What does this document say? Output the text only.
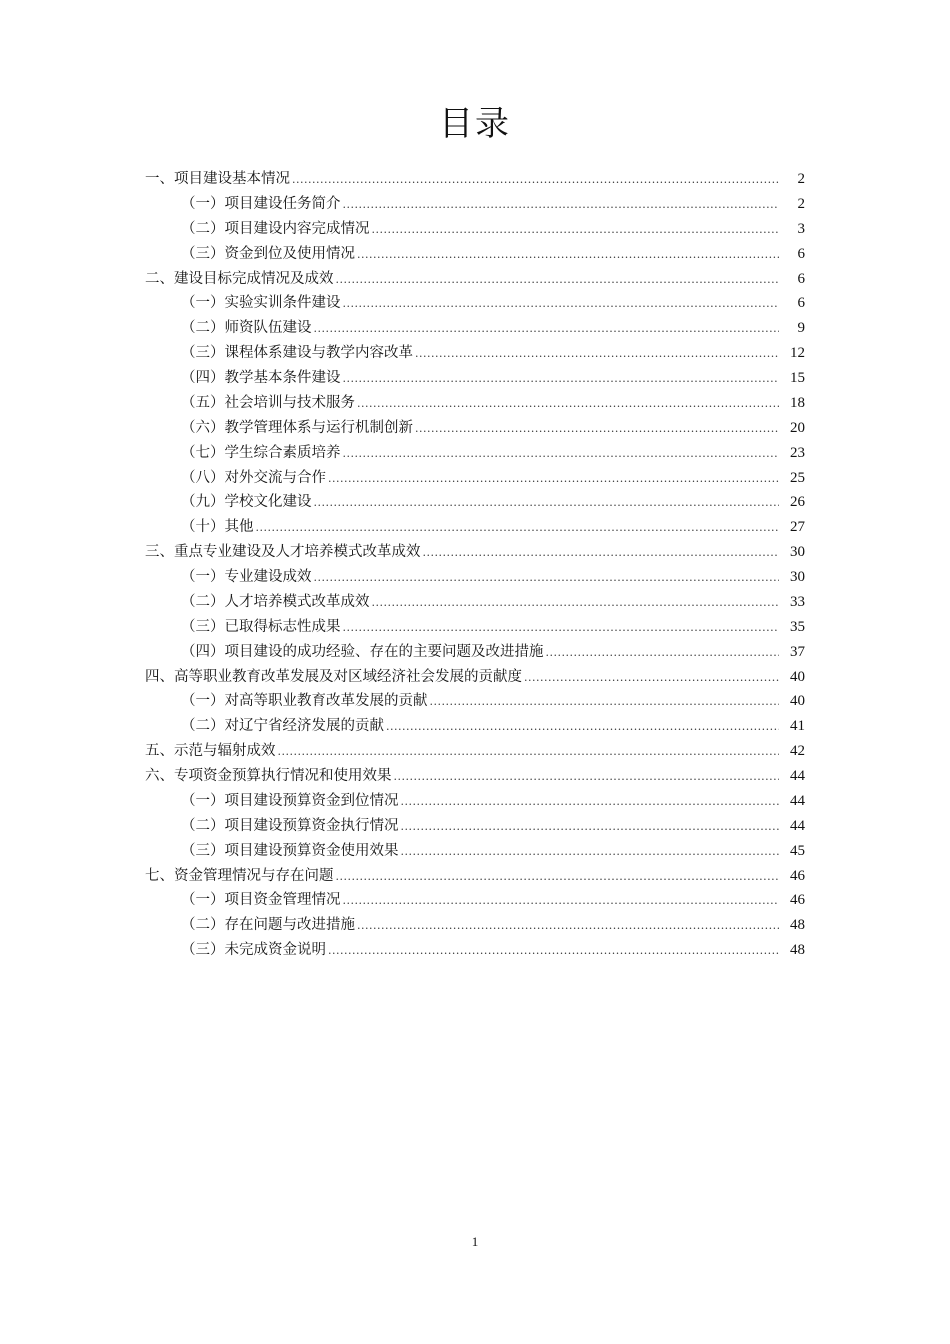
目录
一、项目建设基本情况 .....	2
（一）项目建设任务简介 .....	2
（二）项目建设内容完成情况 .....	3
（三）资金到位及使用情况 .....	6
二、建设目标完成情况及成效 .....	6
（一）实验实训条件建设 .....	6
（二）师资队伍建设 .....	9
（三）课程体系建设与教学内容改革 .....	12
（四）教学基本条件建设 .....	15
（五）社会培训与技术服务 .....	18
（六）教学管理体系与运行机制创新 .....	20
（七）学生综合素质培养 .....	23
（八）对外交流与合作 .....	25
（九）学校文化建设 .....	26
（十）其他 .....	27
三、重点专业建设及人才培养模式改革成效 .....	30
（一）专业建设成效 .....	30
（二）人才培养模式改革成效 .....	33
（三）已取得标志性成果 .....	35
（四）项目建设的成功经验、存在的主要问题及改进措施 .....	37
四、高等职业教育改革发展及对区域经济社会发展的贡献度 .....	40
（一）对高等职业教育改革发展的贡献 .....	40
（二）对辽宁省经济发展的贡献 .....	41
五、示范与辐射成效 .....	42
六、专项资金预算执行情况和使用效果 .....	44
（一）项目建设预算资金到位情况 .....	44
（二）项目建设预算资金执行情况 .....	44
（三）项目建设预算资金使用效果 .....	45
七、资金管理情况与存在问题 .....	46
（一）项目资金管理情况 .....	46
（二）存在问题与改进措施 .....	48
（三）未完成资金说明 .....	48
1
